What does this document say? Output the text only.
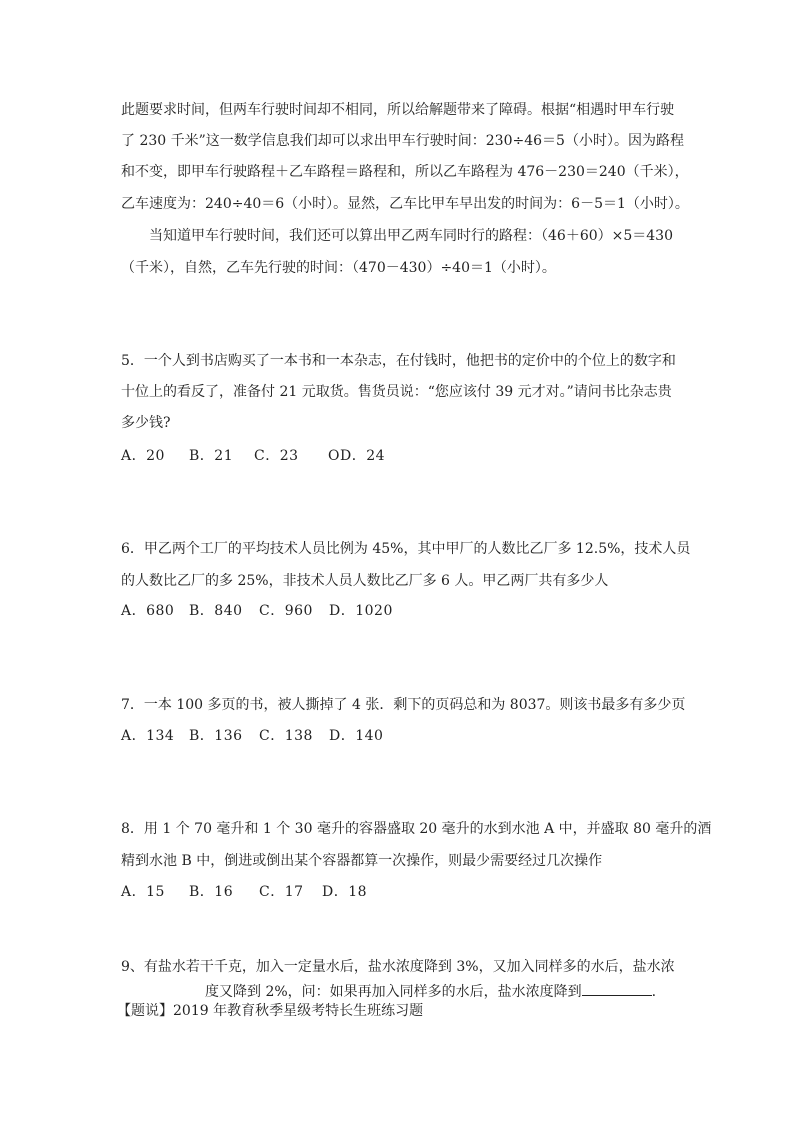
此题要求时间，但两车行驶时间却不相同，所以给解题带来了障碍。根据“相遇时甲车行驶
了 230 千米”这一数学信息我们却可以求出甲车行驶时间：230÷46＝5（小时）。因为路程
和不变，即甲车行驶路程＋乙车路程＝路程和，所以乙车路程为 476－230＝240（千米），
乙车速度为：240÷40＝6（小时）。显然，乙车比甲车早出发的时间为：6－5＝1（小时）。
当知道甲车行驶时间，我们还可以算出甲乙两车同时行的路程：（46＋60）×5＝430
（千米），自然，乙车先行驶的时间：（470－430）÷40＝1（小时）。
5．一个人到书店购买了一本书和一本杂志，在付钱时，他把书的定价中的个位上的数字和
十位上的看反了，准备付 21 元取货。售货员说：“您应该付 39 元才对。”请问书比杂志贵
多少钱?
A．20 B．21 C．23 OD．24
6．甲乙两个工厂的平均技术人员比例为 45%，其中甲厂的人数比乙厂多 12.5%，技术人员
的人数比乙厂的多 25%，非技术人员人数比乙厂多 6 人。甲乙两厂共有多少人
A．680 B．840 C．960 D．1020
7．一本 100 多页的书，被人撕掉了 4 张．剩下的页码总和为 8037。则该书最多有多少页
A．134 B．136 C．138 D．140
8．用 1 个 70 毫升和 1 个 30 毫升的容器盛取 20 毫升的水到水池 A 中，并盛取 80 毫升的酒
精到水池 B 中，倒进或倒出某个容器都算一次操作，则最少需要经过几次操作
A．15 B．16 C．17 D．18
9、有盐水若干千克，加入一定量水后，盐水浓度降到 3%，又加入同样多的水后，盐水浓
度又降到 2%，问：如果再加入同样多的水后，盐水浓度降到	.
【题说】2019 年教育秋季星级考特长生班练习题
